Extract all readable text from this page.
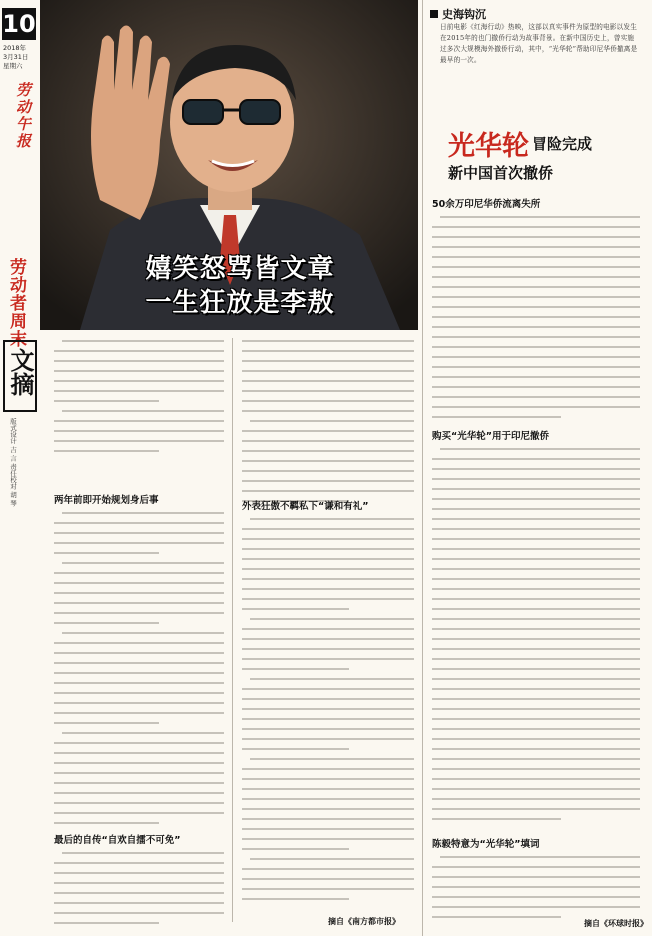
10
2018年
3月31日
星期六
劳动午报
劳动者周末
文摘
版式设计 吉 言 责任校对 胡 琴
嬉笑怒骂皆文章
一生狂放是李敖
两年前即开始规划身后事
最后的自传“自欢自擂不可免”
外表狂傲不羁私下“谦和有礼”
摘自《南方都市报》
史海钩沉
日前电影《红海行动》热映，这部以真实事件为原型的电影以发生在2015年的也门撤侨行动为故事背景。在新中国历史上，曾实施过多次大规模海外撤侨行动，其中，“光华轮”帮助印尼华侨撤离是最早的一次。
光华轮 冒险完成
新中国首次撤侨
50余万印尼华侨流离失所
购买“光华轮”用于印尼撤侨
陈毅特意为“光华轮”填词
摘自《环球时报》
